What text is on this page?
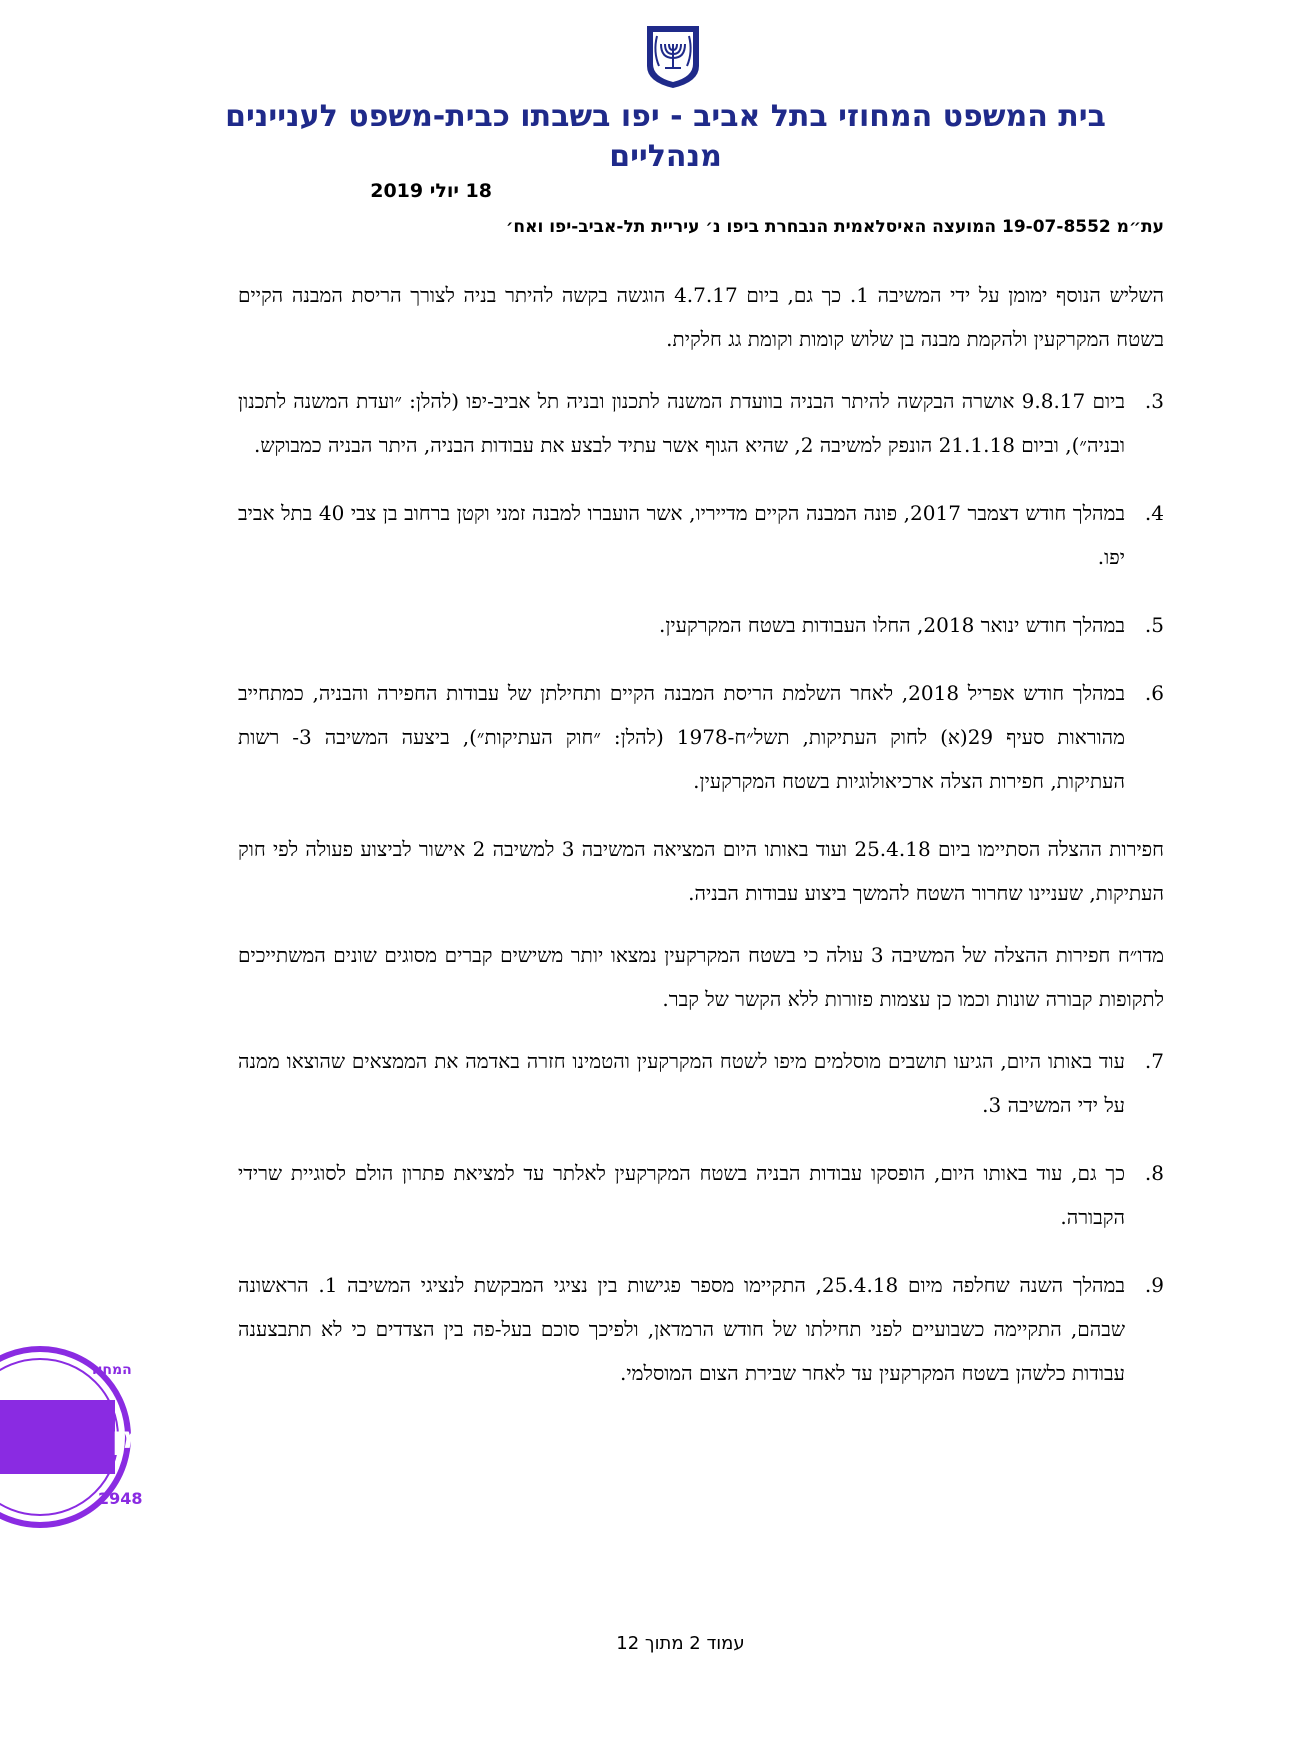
בית המשפט המחוזי בתל אביב - יפו בשבתו כבית-משפט לעניינים
מנהליים
18 יולי 2019
עת״מ 19-07-8552 המועצה האיסלאמית הנבחרת ביפו נ׳ עיריית תל-אביב-יפו ואח׳

השליש הנוסף ימומן על ידי המשיבה 1. כך גם, ביום 4.7.17 הוגשה בקשה להיתר בניה לצורך הריסת המבנה הקיים בשטח המקרקעין ולהקמת מבנה בן שלוש קומות וקומת גג חלקית.

3.
ביום 9.8.17 אושרה הבקשה להיתר הבניה בוועדת המשנה לתכנון ובניה תל אביב-יפו (להלן: ״ועדת המשנה לתכנון ובניה״), וביום 21.1.18 הונפק למשיבה 2, שהיא הגוף אשר עתיד לבצע את עבודות הבניה, היתר הבניה כמבוקש.

4.
במהלך חודש דצמבר 2017, פונה המבנה הקיים מדייריו, אשר הועברו למבנה זמני וקטן ברחוב בן צבי 40 בתל אביב יפו.

5.
במהלך חודש ינואר 2018, החלו העבודות בשטח המקרקעין.

6.
במהלך חודש אפריל 2018, לאחר השלמת הריסת המבנה הקיים ותחילתן של עבודות החפירה והבניה, כמתחייב מהוראות סעיף 29(א) לחוק העתיקות, תשל״ח-1978 (להלן: ״חוק העתיקות״), ביצעה המשיבה 3- רשות העתיקות, חפירות הצלה ארכיאולוגיות בשטח המקרקעין.

חפירות ההצלה הסתיימו ביום 25.4.18 ועוד באותו היום המציאה המשיבה 3 למשיבה 2 אישור לביצוע פעולה לפי חוק העתיקות, שעניינו שחרור השטח להמשך ביצוע עבודות הבניה.

מדו״ח חפירות ההצלה של המשיבה 3 עולה כי בשטח המקרקעין נמצאו יותר משישים קברים מסוגים שונים המשתייכים לתקופות קבורה שונות וכמו כן עצמות פזורות ללא הקשר של קבר.

7.
עוד באותו היום, הגיעו תושבים מוסלמים מיפו לשטח המקרקעין והטמינו חזרה באדמה את הממצאים שהוצאו ממנה על ידי המשיבה 3.

8.
כך גם, עוד באותו היום, הופסקו עבודות הבניה בשטח המקרקעין לאלתר עד למציאת פתרון הולם לסוגיית שרידי הקבורה.

9.
במהלך השנה שחלפה מיום 25.4.18, התקיימו מספר פגישות בין נציגי המבקשת לנציגי המשיבה 1. הראשונה שבהם, התקיימה כשבועיים לפני תחילתו של חודש הרמדאן, ולפיכך סוכם בעל-פה בין הצדדים כי לא תתבצענה עבודות כלשהן בשטח המקרקעין עד לאחר שבירת הצום המוסלמי.

המחוז
אמן
2948
עמוד 2 מתוך 12
